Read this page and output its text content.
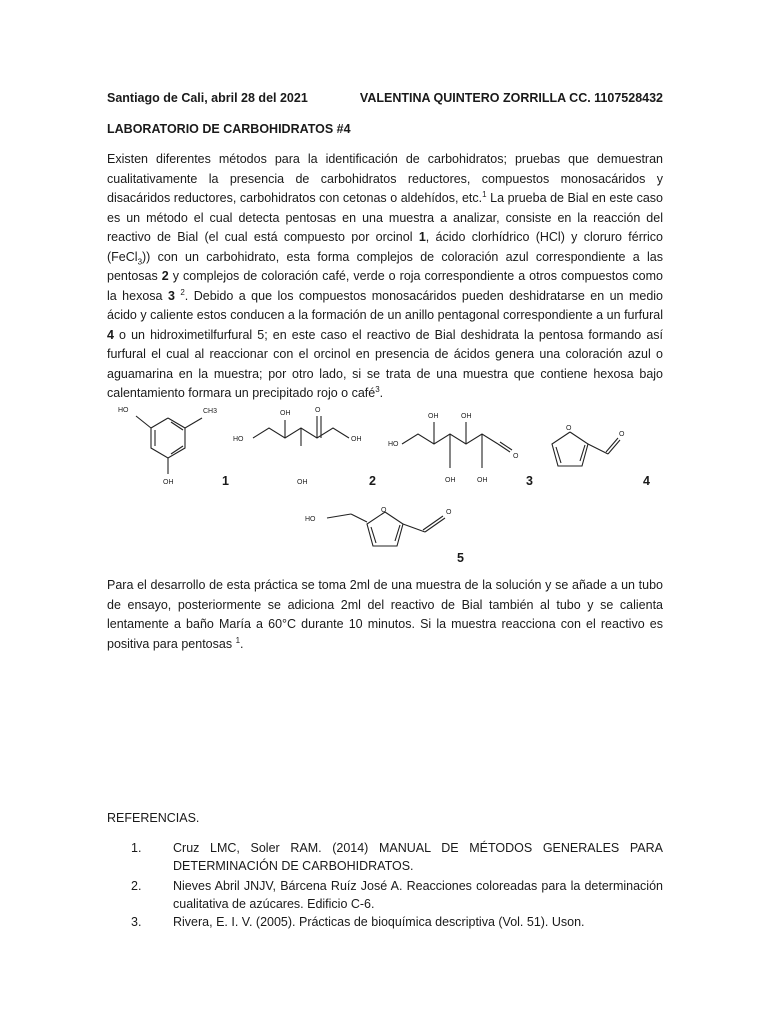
Santiago de Cali, abril 28 del 2021	VALENTINA QUINTERO ZORRILLA CC. 1107528432
LABORATORIO DE CARBOHIDRATOS #4
Existen diferentes métodos para la identificación de carbohidratos; pruebas que demuestran cualitativamente la presencia de carbohidratos reductores, compuestos monosacáridos y disacáridos reductores, carbohidratos con cetonas o aldehídos, etc.$^1$ La prueba de Bial en este caso es un método el cual detecta pentosas en una muestra a analizar, consiste en la reacción del reactivo de Bial (el cual está compuesto por orcinol 1, ácido clorhídrico (HCl) y cloruro férrico (FeCl$_3$)) con un carbohidrato, esta forma complejos de coloración azul correspondiente a las pentosas 2 y complejos de coloración café, verde o roja correspondiente a otros compuestos como la hexosa 3 $^2$. Debido a que los compuestos monosacáridos pueden deshidratarse en un medio ácido y caliente estos conducen a la formación de un anillo pentagonal correspondiente a un furfural 4 o un hidroximetilfurfural 5; en este caso el reactivo de Bial deshidrata la pentosa formando así furfural el cual al reaccionar con el orcinol en presencia de ácidos genera una coloración azul o aguamarina en la muestra; por otro lado, si se trata de una muestra que contiene hexosa bajo calentamiento formara un precipitado rojo o café$^3$.
HO	CH3
OH	1
HO
OH
OH
O
OH
2
HO
OH
OH
OH
OH
O
3
O
O
4
HO
O	O
5
Para el desarrollo de esta práctica se toma 2ml de una muestra de la solución y se añade a un tubo de ensayo, posteriormente se adiciona 2ml del reactivo de Bial también al tubo y se calienta lentamente a baño María a 60°C durante 10 minutos. Si la muestra reacciona con el reactivo es positiva para pentosas $^1$.
REFERENCIAS.
1.	Cruz LMC, Soler RAM. (2014) MANUAL DE MÉTODOS GENERALES PARA DETERMINACIÓN DE CARBOHIDRATOS.
2.	Nieves Abril JNJV, Bárcena Ruíz José A. Reacciones coloreadas para la determinación cualitativa de azúcares. Edificio C-6.
3.	Rivera, E. I. V. (2005). Prácticas de bioquímica descriptiva (Vol. 51). Uson.
